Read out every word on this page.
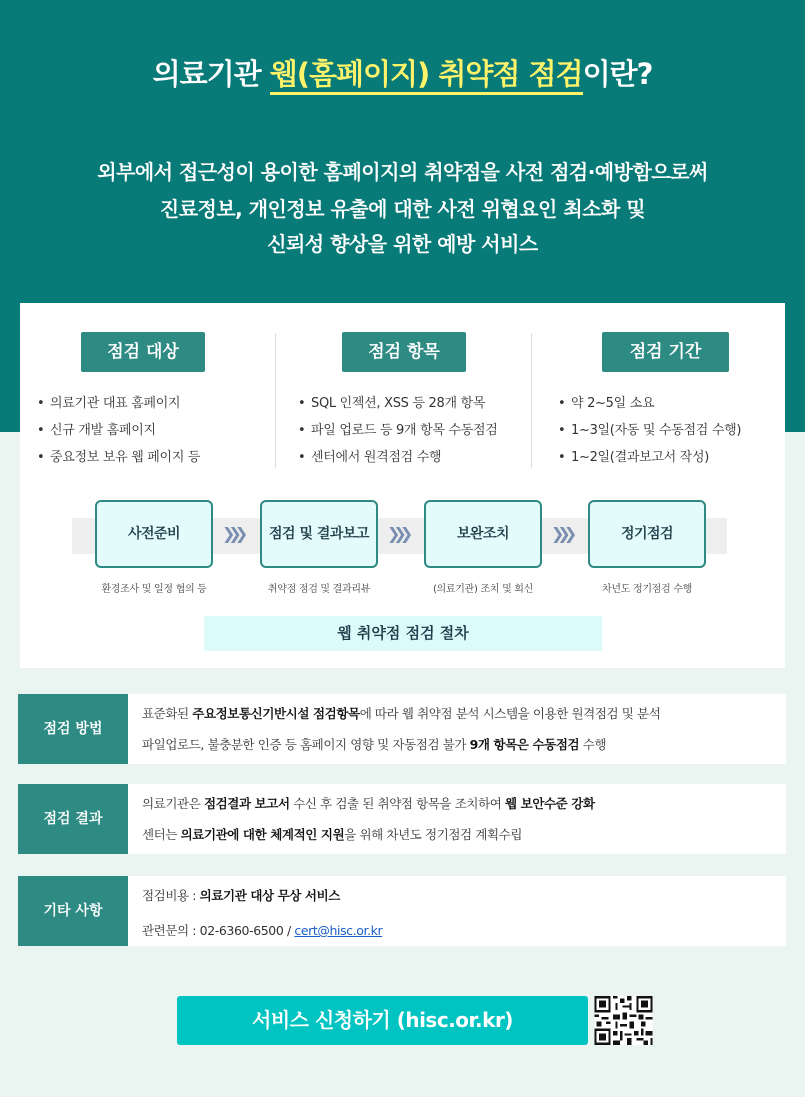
의료기관 웹(홈페이지) 취약점 점검이란?
외부에서 접근성이 용이한 홈페이지의 취약점을 사전 점검·예방함으로써
진료정보, 개인정보 유출에 대한 사전 위협요인 최소화 및
신뢰성 향상을 위한 예방 서비스
점검 대상	점검 항목	점검 기간
• 의료기관 대표 홈페이지
• 신규 개발 홈페이지
• 중요정보 보유 웹 페이지 등
• SQL 인젝션, XSS 등 28개 항목
• 파일 업로드 등 9개 항목 수동점검
• 센터에서 원격점검 수행
• 약 2~5일 소요
• 1~3일(자동 및 수동점검 수행)
• 1~2일(결과보고서 작성)
사전준비	❯❯❯	점검 및 결과보고	❯❯❯	보완조치	❯❯❯	정기점검
환경조사 및 일정 협의 등	취약점 점검 및 결과리뷰	(의료기관) 조치 및 회신	차년도 정기점검 수행
웹 취약점 점검 절차
점검 방법
표준화된 주요정보통신기반시설 점검항목에 따라 웹 취약점 분석 시스템을 이용한 원격점검 및 분석
파일업로드, 불충분한 인증 등 홈페이지 영향 및 자동점검 불가 9개 항목은 수동점검 수행
점검 결과
의료기관은 점검결과 보고서 수신 후 검출 된 취약점 항목을 조치하여 웹 보안수준 강화
센터는 의료기관에 대한 체계적인 지원을 위해 차년도 정기점검 계획수립
기타 사항
점검비용 : 의료기관 대상 무상 서비스
관련문의 : 02-6360-6500 / cert@hisc.or.kr
서비스 신청하기 (hisc.or.kr)
